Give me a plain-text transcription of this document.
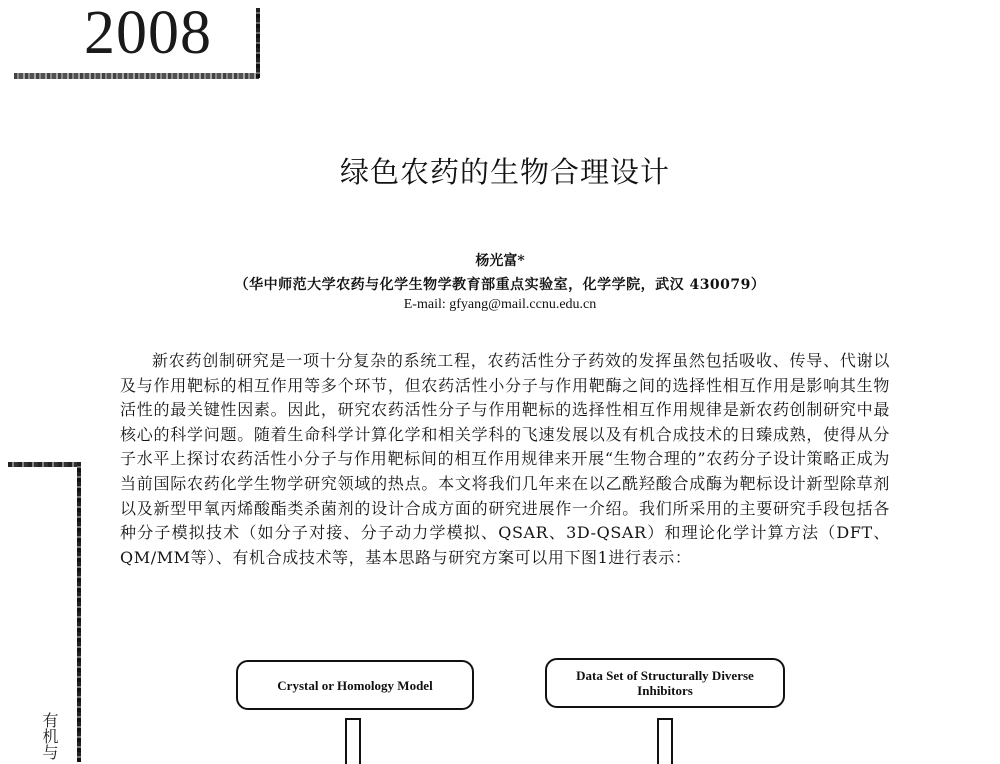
2008
绿色农药的生物合理设计
杨光富*
（华中师范大学农药与化学生物学教育部重点实验室，化学学院，武汉 430079）
E-mail: gfyang@mail.ccnu.edu.cn
新农药创制研究是一项十分复杂的系统工程，农药活性分子药效的发挥虽然包括吸收、传导、代谢以及与作用靶标的相互作用等多个环节，但农药活性小分子与作用靶酶之间的选择性相互作用是影响其生物活性的最关键性因素。因此，研究农药活性分子与作用靶标的选择性相互作用规律是新农药创制研究中最核心的科学问题。随着生命科学计算化学和相关学科的飞速发展以及有机合成技术的日臻成熟，使得从分子水平上探讨农药活性小分子与作用靶标间的相互作用规律来开展“生物合理的”农药分子设计策略正成为当前国际农药化学生物学研究领域的热点。本文将我们几年来在以乙酰羟酸合成酶为靶标设计新型除草剂以及新型甲氧丙烯酸酯类杀菌剂的设计合成方面的研究进展作一介绍。我们所采用的主要研究手段包括各种分子模拟技术（如分子对接、分子动力学模拟、QSAR、3D-QSAR）和理论化学计算方法（DFT、QM/MM等）、有机合成技术等，基本思路与研究方案可以用下图1进行表示：
有机与
Crystal or Homology Model
Data Set of Structurally Diverse Inhibitors
